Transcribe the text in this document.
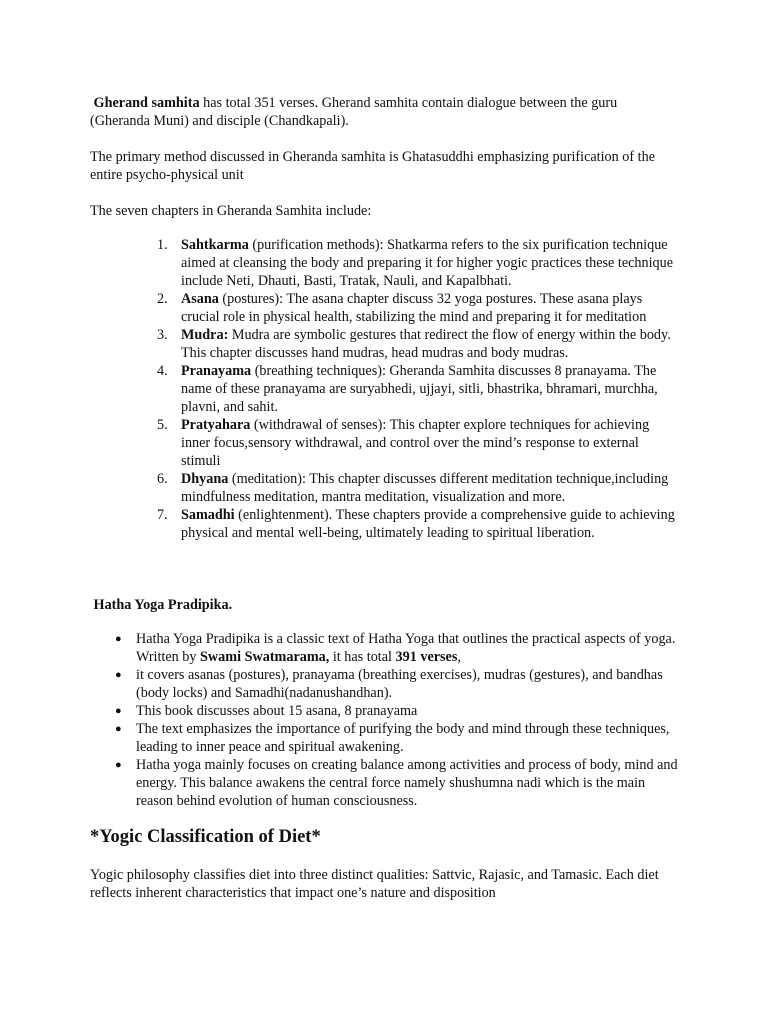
Gherand samhita has total 351 verses. Gherand samhita contain dialogue between the guru (Gheranda Muni) and disciple (Chandkapali).

The primary method discussed in Gheranda samhita is Ghatasuddhi emphasizing purification of the entire psycho-physical unit

The seven chapters in Gheranda Samhita include:

1. Sahtkarma (purification methods): Shatkarma refers to the six purification technique aimed at cleansing the body and preparing it for higher yogic practices these technique include Neti, Dhauti, Basti, Tratak, Nauli, and Kapalbhati.
2. Asana (postures): The asana chapter discuss 32 yoga postures. These asana plays crucial role in physical health, stabilizing the mind and preparing it for meditation
3. Mudra: Mudra are symbolic gestures that redirect the flow of energy within the body. This chapter discusses hand mudras, head mudras and body mudras.
4. Pranayama (breathing techniques): Gheranda Samhita discusses 8 pranayama. The name of these pranayama are suryabhedi, ujjayi, sitli, bhastrika, bhramari, murchha, plavni, and sahit.
5. Pratyahara (withdrawal of senses): This chapter explore techniques for achieving inner focus,sensory withdrawal, and control over the mind’s response to external stimuli
6. Dhyana (meditation): This chapter discusses different meditation technique,including mindfulness meditation, mantra meditation, visualization and more.
7. Samadhi (enlightenment). These chapters provide a comprehensive guide to achieving physical and mental well-being, ultimately leading to spiritual liberation.

Hatha Yoga Pradipika.

● Hatha Yoga Pradipika is a classic text of Hatha Yoga that outlines the practical aspects of yoga. Written by Swami Swatmarama, it has total 391 verses,
● it covers asanas (postures), pranayama (breathing exercises), mudras (gestures), and bandhas (body locks) and Samadhi(nadanushandhan).
● This book discusses about 15 asana, 8 pranayama
● The text emphasizes the importance of purifying the body and mind through these techniques, leading to inner peace and spiritual awakening.
● Hatha yoga mainly focuses on creating balance among activities and process of body, mind and energy. This balance awakens the central force namely shushumna nadi which is the main reason behind evolution of human consciousness.
*Yogic Classification of Diet*

Yogic philosophy classifies diet into three distinct qualities: Sattvic, Rajasic, and Tamasic. Each diet reflects inherent characteristics that impact one’s nature and disposition
